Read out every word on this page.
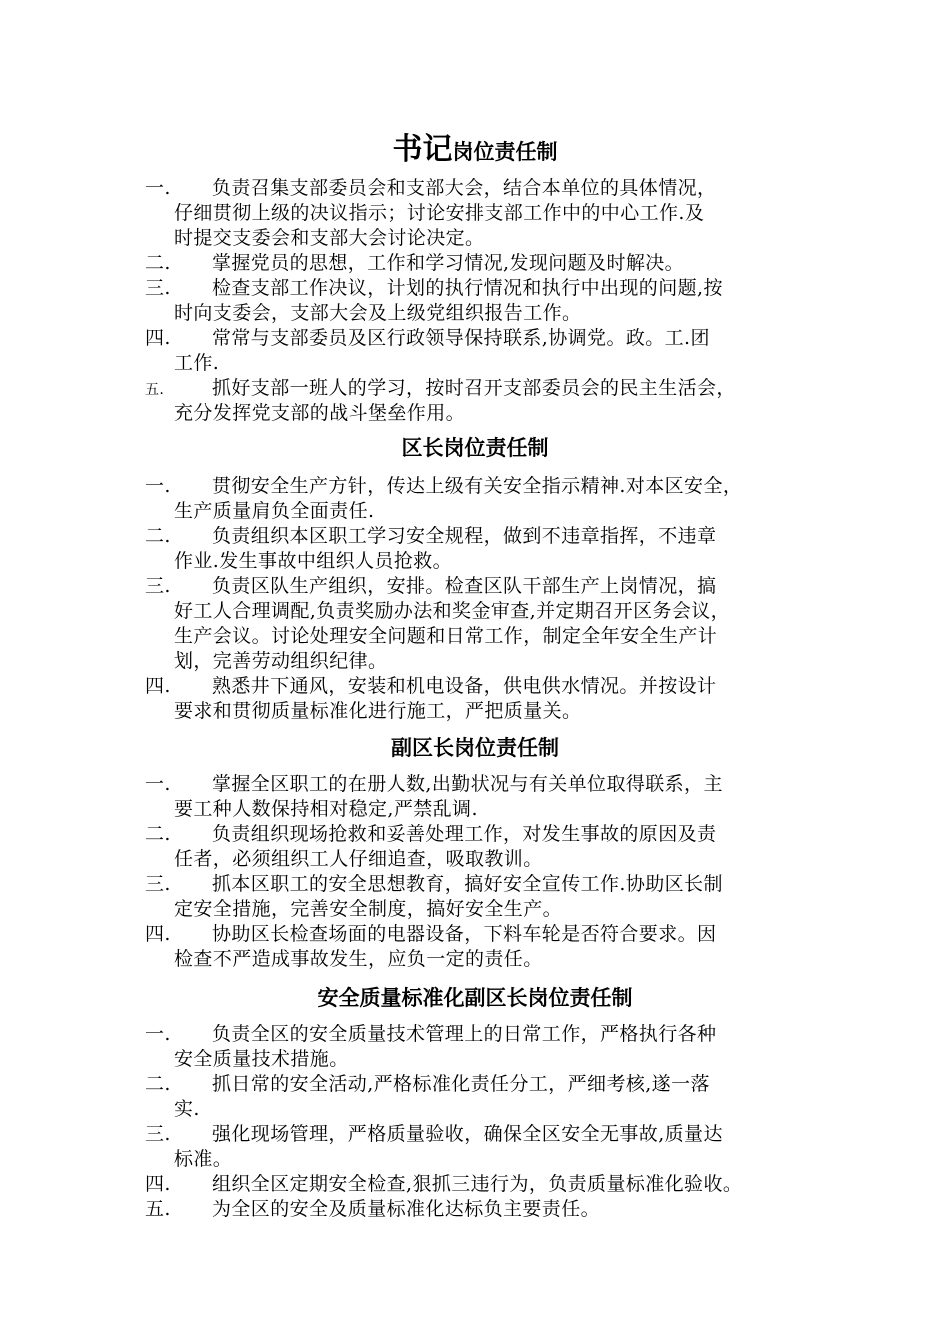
书记岗位责任制
一. 负责召集支部委员会和支部大会，结合本单位的具体情况，
仔细贯彻上级的决议指示；讨论安排支部工作中的中心工作.及
时提交支委会和支部大会讨论决定。
二. 掌握党员的思想，工作和学习情况,发现问题及时解决。
三. 检查支部工作决议，计划的执行情况和执行中出现的问题,按
时向支委会，支部大会及上级党组织报告工作。
四. 常常与支部委员及区行政领导保持联系,协调党。政。工.团
工作.
五.	抓好支部一班人的学习，按时召开支部委员会的民主生活会，
充分发挥党支部的战斗堡垒作用。
区长岗位责任制
一. 贯彻安全生产方针，传达上级有关安全指示精神.对本区安全，
生产质量肩负全面责任.
二. 负责组织本区职工学习安全规程，做到不违章指挥，不违章
作业.发生事故中组织人员抢救。
三. 负责区队生产组织，安排。检查区队干部生产上岗情况，搞
好工人合理调配,负责奖励办法和奖金审查,并定期召开区务会议，
生产会议。讨论处理安全问题和日常工作，制定全年安全生产计
划，完善劳动组织纪律。
四. 熟悉井下通风，安装和机电设备，供电供水情况。并按设计
要求和贯彻质量标准化进行施工，严把质量关。
副区长岗位责任制
一. 掌握全区职工的在册人数,出勤状况与有关单位取得联系，主
要工种人数保持相对稳定,严禁乱调.
二. 负责组织现场抢救和妥善处理工作，对发生事故的原因及责
任者，必须组织工人仔细追查，吸取教训。
三. 抓本区职工的安全思想教育，搞好安全宣传工作.协助区长制
定安全措施，完善安全制度，搞好安全生产。
四. 协助区长检查场面的电器设备，下料车轮是否符合要求。因
检查不严造成事故发生，应负一定的责任。
安全质量标准化副区长岗位责任制
一. 负责全区的安全质量技术管理上的日常工作，严格执行各种
安全质量技术措施。
二. 抓日常的安全活动,严格标准化责任分工，严细考核,遂一落
实.
三. 强化现场管理，严格质量验收，确保全区安全无事故,质量达
标准。
四. 组织全区定期安全检查,狠抓三违行为，负责质量标准化验收。
五. 为全区的安全及质量标准化达标负主要责任。
